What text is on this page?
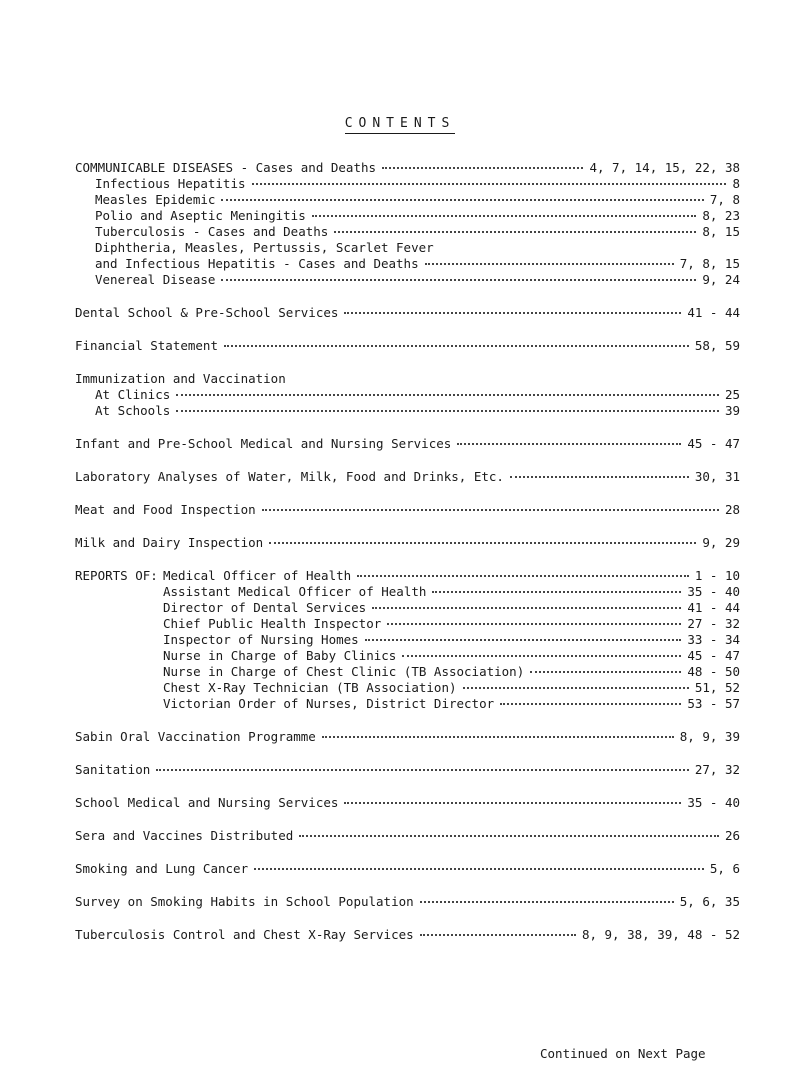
CONTENTS
COMMUNICABLE DISEASES - Cases and Deaths	4, 7, 14, 15, 22, 38
Infectious Hepatitis	8
Measles Epidemic	7, 8
Polio and Aseptic Meningitis	8, 23
Tuberculosis - Cases and Deaths	8, 15
Diphtheria, Measles, Pertussis, Scarlet Fever
and Infectious Hepatitis - Cases and Deaths	7, 8, 15
Venereal Disease	9, 24
Dental School & Pre-School Services	41 - 44
Financial Statement	58, 59
Immunization and Vaccination
At Clinics	25
At Schools	39
Infant and Pre-School Medical and Nursing Services	45 - 47
Laboratory Analyses of Water, Milk, Food and Drinks, Etc.	30, 31
Meat and Food Inspection	28
Milk and Dairy Inspection	9, 29
REPORTS OF: Medical Officer of Health	1 - 10
Assistant Medical Officer of Health	35 - 40
Director of Dental Services	41 - 44
Chief Public Health Inspector	27 - 32
Inspector of Nursing Homes	33 - 34
Nurse in Charge of Baby Clinics	45 - 47
Nurse in Charge of Chest Clinic (TB Association)	48 - 50
Chest X-Ray Technician (TB Association)	51, 52
Victorian Order of Nurses, District Director	53 - 57
Sabin Oral Vaccination Programme	8, 9, 39
Sanitation	27, 32
School Medical and Nursing Services	35 - 40
Sera and Vaccines Distributed	26
Smoking and Lung Cancer	5, 6
Survey on Smoking Habits in School Population	5, 6, 35
Tuberculosis Control and Chest X-Ray Services	8, 9, 38, 39, 48 - 52
Continued on Next Page
